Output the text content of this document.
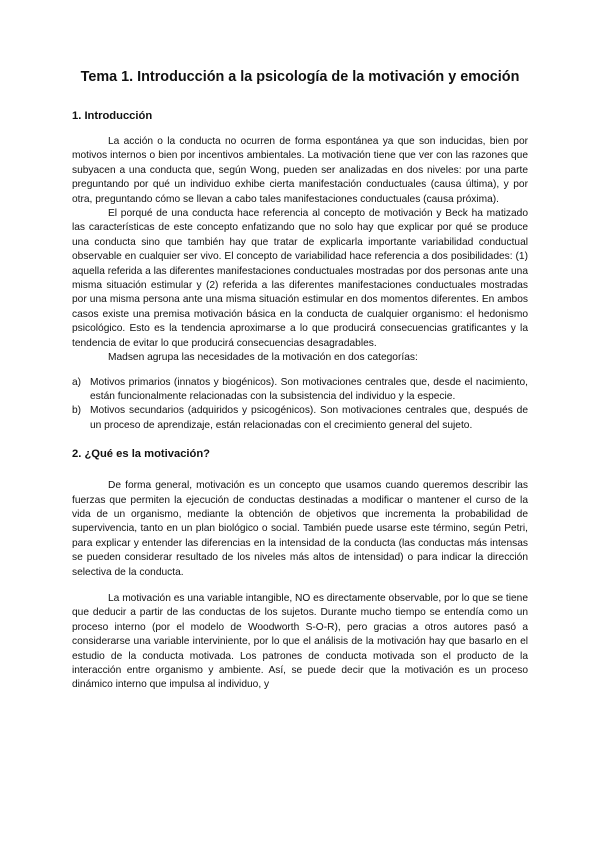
Tema 1. Introducción a la psicología de la motivación y emoción
1. Introducción

La acción o la conducta no ocurren de forma espontánea ya que son inducidas, bien por motivos internos o bien por incentivos ambientales. La motivación tiene que ver con las razones que subyacen a una conducta que, según Wong, pueden ser analizadas en dos niveles: por una parte preguntando por qué un individuo exhibe cierta manifestación conductuales (causa última), y por otra, preguntando cómo se llevan a cabo tales manifestaciones conductuales (causa próxima).

El porqué de una conducta hace referencia al concepto de motivación y Beck ha matizado las características de este concepto enfatizando que no solo hay que explicar por qué se produce una conducta sino que también hay que tratar de explicarla importante variabilidad conductual observable en cualquier ser vivo. El concepto de variabilidad hace referencia a dos posibilidades: (1) aquella referida a las diferentes manifestaciones conductuales mostradas por dos personas ante una misma situación estimular y (2) referida a las diferentes manifestaciones conductuales mostradas por una misma persona ante una misma situación estimular en dos momentos diferentes. En ambos casos existe una premisa motivación básica en la conducta de cualquier organismo: el hedonismo psicológico. Esto es la tendencia aproximarse a lo que producirá consecuencias gratificantes y la tendencia de evitar lo que producirá consecuencias desagradables.

Madsen agrupa las necesidades de la motivación en dos categorías:

a) Motivos primarios (innatos y biogénicos). Son motivaciones centrales que, desde el nacimiento, están funcionalmente relacionadas con la subsistencia del individuo y la especie.
b) Motivos secundarios (adquiridos y psicogénicos). Son motivaciones centrales que, después de un proceso de aprendizaje, están relacionadas con el crecimiento general del sujeto.
2. ¿Qué es la motivación?

De forma general, motivación es un concepto que usamos cuando queremos describir las fuerzas que permiten la ejecución de conductas destinadas a modificar o mantener el curso de la vida de un organismo, mediante la obtención de objetivos que incrementa la probabilidad de supervivencia, tanto en un plan biológico o social. También puede usarse este término, según Petri, para explicar y entender las diferencias en la intensidad de la conducta (las conductas más intensas se pueden considerar resultado de los niveles más altos de intensidad) o para indicar la dirección selectiva de la conducta.

La motivación es una variable intangible, NO es directamente observable, por lo que se tiene que deducir a partir de las conductas de los sujetos. Durante mucho tiempo se entendía como un proceso interno (por el modelo de Woodworth S-O-R), pero gracias a otros autores pasó a considerarse una variable interviniente, por lo que el análisis de la motivación hay que basarlo en el estudio de la conducta motivada. Los patrones de conducta motivada son el producto de la interacción entre organismo y ambiente. Así, se puede decir que la motivación es un proceso dinámico interno que impulsa al individuo, y
